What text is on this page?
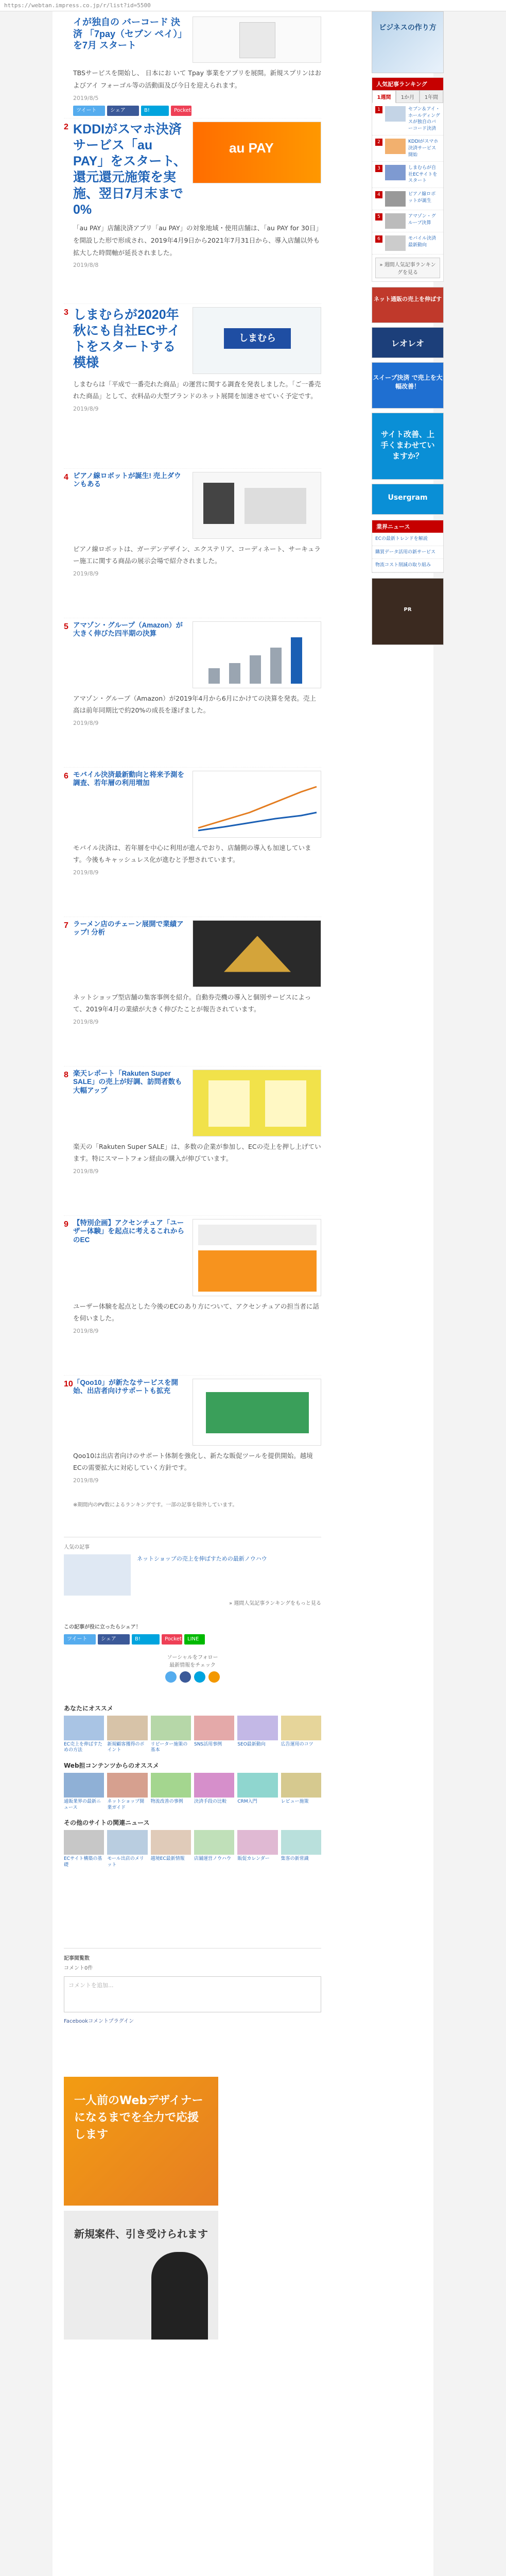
https://webtan.impress.co.jp/r/list?id=5500
イが独自の バーコード 決済 「7pay（セブン ペイ）」を7月 スタート
TBSサービスを開始し、 日本にお いて Tpay 事業をアプリを展開。新規スプリンはおよびアイ フォーゴル等の活動面及び今日を迎えられます。
2019/8/5
ツイート	シェア	B!	Pocket
2 KDDIがスマホ決済サービス「au PAY」をスタート、還元還元施策を実施、翌日7月末まで0%
au PAY
「au PAY」店舗決済アプリ「au PAY」の対象地域・使用店舗は、「au PAY for 30日」を開設した形で形成され、2019年4月9日から2021年7月31日から、導入店舗以外も拡大した時間軸が延長されました。
2019/8/8
3 しまむらが2020年秋にも自社ECサイトをスタートする模様
しまむら
しまむらは「平成で一番売れた商品」の運営に関する調査を発表しました。「ご一番売れた商品」として、衣料品の大型ブランドのネット展開を加速させていく予定です。
2019/8/9
4 ピアノ線ロボットが誕生! 売上ダウンもある
ピアノ線ロボットは、ガーデンデザイン、エクステリア、コーディネート、サーキュラー施工に関する商品の展示会場で紹介されました。
2019/8/9
5 アマゾン・グループ（Amazon）が大きく伸びた四半期の決算
アマゾン・グループ（Amazon）が2019年4月から6月にかけての決算を発表。売上高は前年同期比で約20%の成長を遂げました。
2019/8/9
6 モバイル決済最新動向と将来予測を調査、若年層の利用増加
モバイル決済は、若年層を中心に利用が進んでおり、店舗側の導入も加速しています。今後もキャッシュレス化が進むと予想されています。
2019/8/9
7 ラーメン店のチェーン展開で業績アップ! 分析
ネットショップ型店舗の集客事例を紹介。自動券売機の導入と個別サービスによって、2019年4月の業績が大きく伸びたことが報告されています。
2019/8/9
8 楽天レポート「Rakuten Super SALE」の売上が好調、訪問者数も大幅アップ
楽天の「Rakuten Super SALE」は、多数の企業が参加し、ECの売上を押し上げています。特にスマートフォン経由の購入が伸びています。
2019/8/9
9 【特別企画】アクセンチュア「ユーザー体験」を起点に考えるこれからのEC
ユーザー体験を起点とした今後のECのあり方について、アクセンチュアの担当者に話を伺いました。
2019/8/9
10 「Qoo10」が新たなサービスを開始、出店者向けサポートも拡充
Qoo10は出店者向けのサポート体制を強化し、新たな販促ツールを提供開始。越境ECの需要拡大に対応していく方針です。
2019/8/9
※期間内のPV数によるランキングです。一部の記事を除外しています。
人気の記事
ネットショップの売上を伸ばすための最新ノウハウ
» 週間人気記事ランキングをもっと見る
この記事が役に立ったらシェア！
ツイート	シェア	B!	Pocket	LINE
ソーシャルをフォロー
最新情報をチェック
あなたにオススメ

EC売上を伸ばすための方法

新規顧客獲得のポイント

リピーター施策の基本

SNS活用事例	SEO最新動向	広告運用のコツ

Web担コンテンツからのオススメ

通販業界の最新ニュース

ネットショップ開業ガイド

物流改善の事例	決済手段の比較	CRM入門	レビュー施策

その他のサイトの関連ニュース

ECサイト構築の基礎

モール出店のメリット

越境EC最新情報	店舗運営ノウハウ	販促カレンダー	集客の新常識

記事閲覧数
コメント0件
コメントを追加...
Facebookコメントプラグイン
一人前のWebデザイナーになるまでを全力で応援します
新規案件、引き受けられます
ビジネスの作り方
人気記事ランキング
1週間	1か月	1年間
1	セブン＆アイ・ホールディングスが独自のバーコード決済
2	KDDIがスマホ決済サービス開始
3	しまむらが自社ECサイトをスタート
4	ピアノ線ロボットが誕生
5	アマゾン・グループ決算
6	モバイル決済最新動向
» 週間人気記事ランキングを見る
ネット通販の売上を伸ばす
レオレオ
スイープ決済 で売上を大幅改善！
サイト改善、上手くまわせていますか？
Usergram
業界ニュース
ECの最新トレンドを解説
購買データ活用の新サービス
物流コスト削減の取り組み
PR
